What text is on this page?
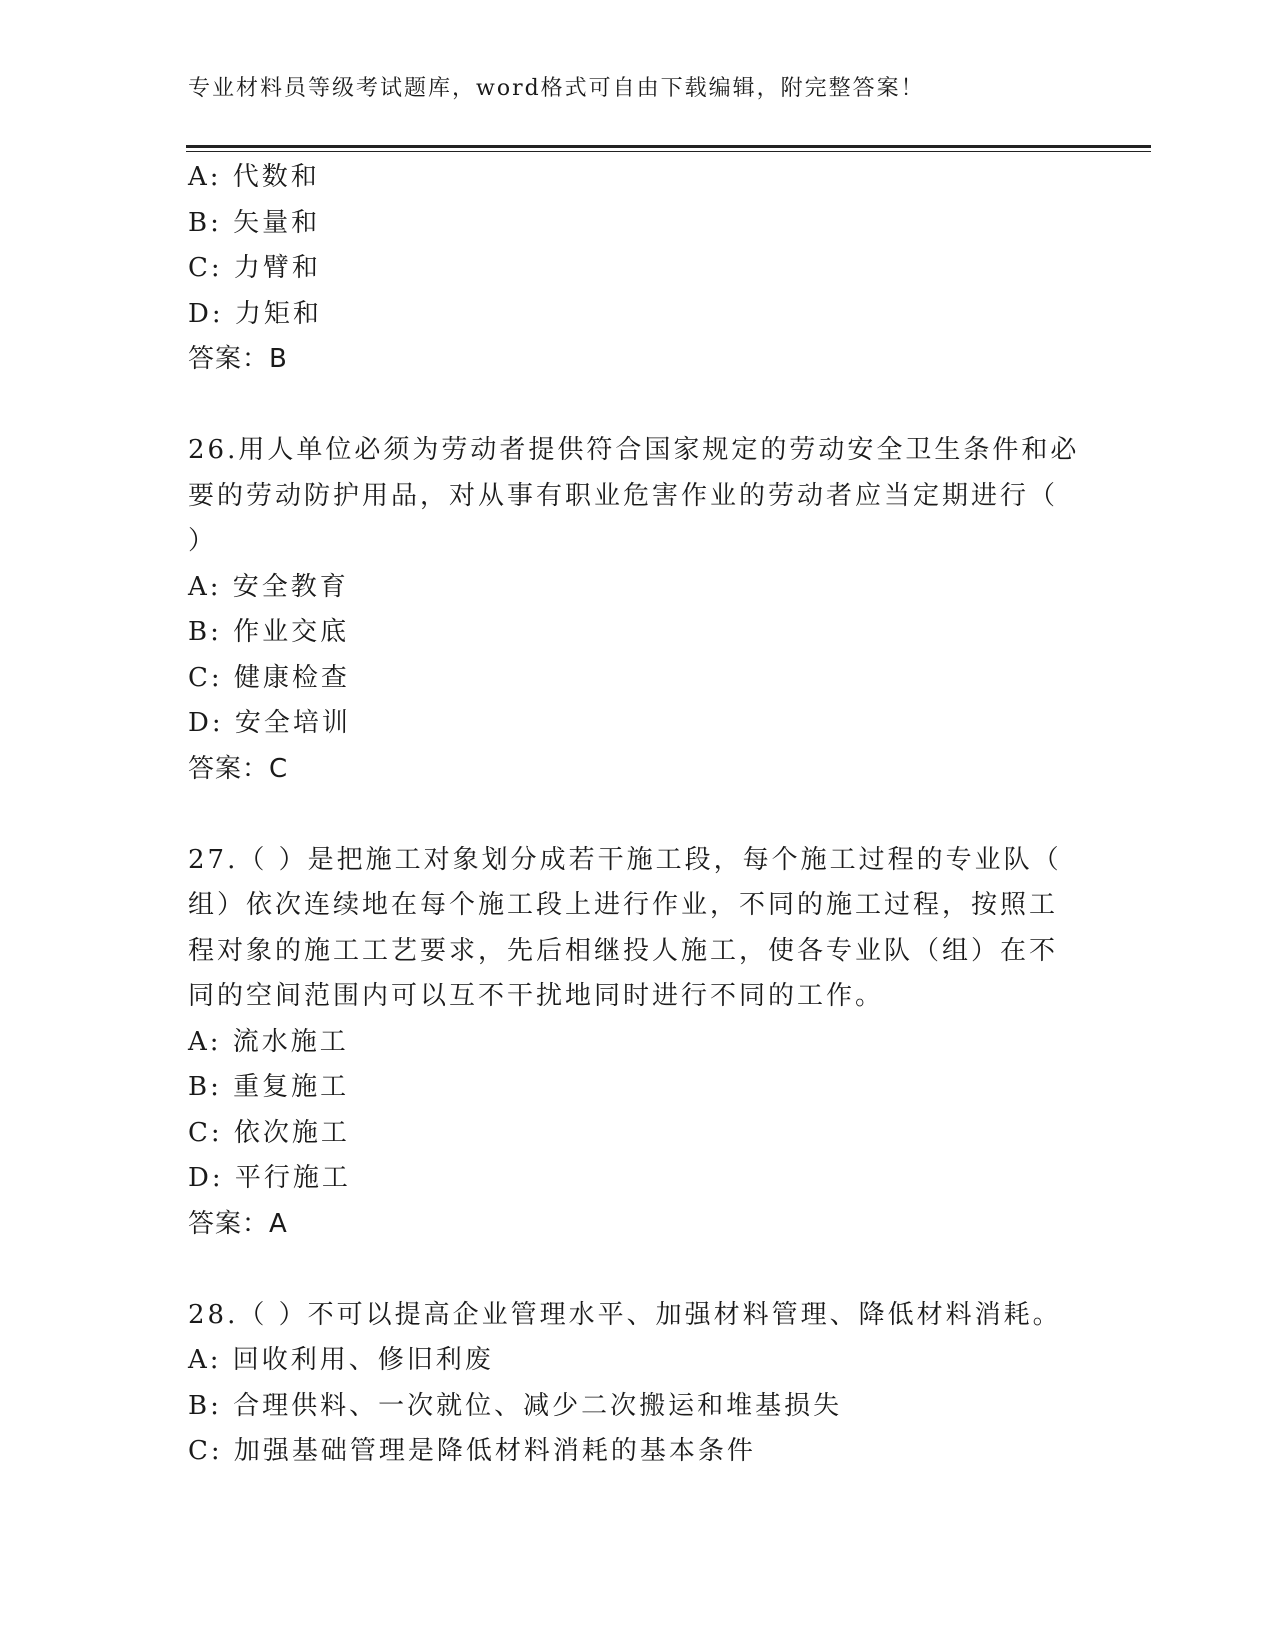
专业材料员等级考试题库，word格式可自由下载编辑，附完整答案！
A: 代数和
B: 矢量和
C: 力臂和
D: 力矩和
答案：B
26.用人单位必须为劳动者提供符合国家规定的劳动安全卫生条件和必
要的劳动防护用品，对从事有职业危害作业的劳动者应当定期进行（
）
A: 安全教育
B: 作业交底
C: 健康检查
D: 安全培训
答案：C
27.（ ）是把施工对象划分成若干施工段，每个施工过程的专业队（
组）依次连续地在每个施工段上进行作业，不同的施工过程，按照工
程对象的施工工艺要求，先后相继投人施工，使各专业队（组）在不
同的空间范围内可以互不干扰地同时进行不同的工作。
A: 流水施工
B: 重复施工
C: 依次施工
D: 平行施工
答案：A
28.（ ）不可以提高企业管理水平、加强材料管理、降低材料消耗。
A: 回收利用、修旧利废
B: 合理供料、一次就位、减少二次搬运和堆基损失
C: 加强基础管理是降低材料消耗的基本条件
